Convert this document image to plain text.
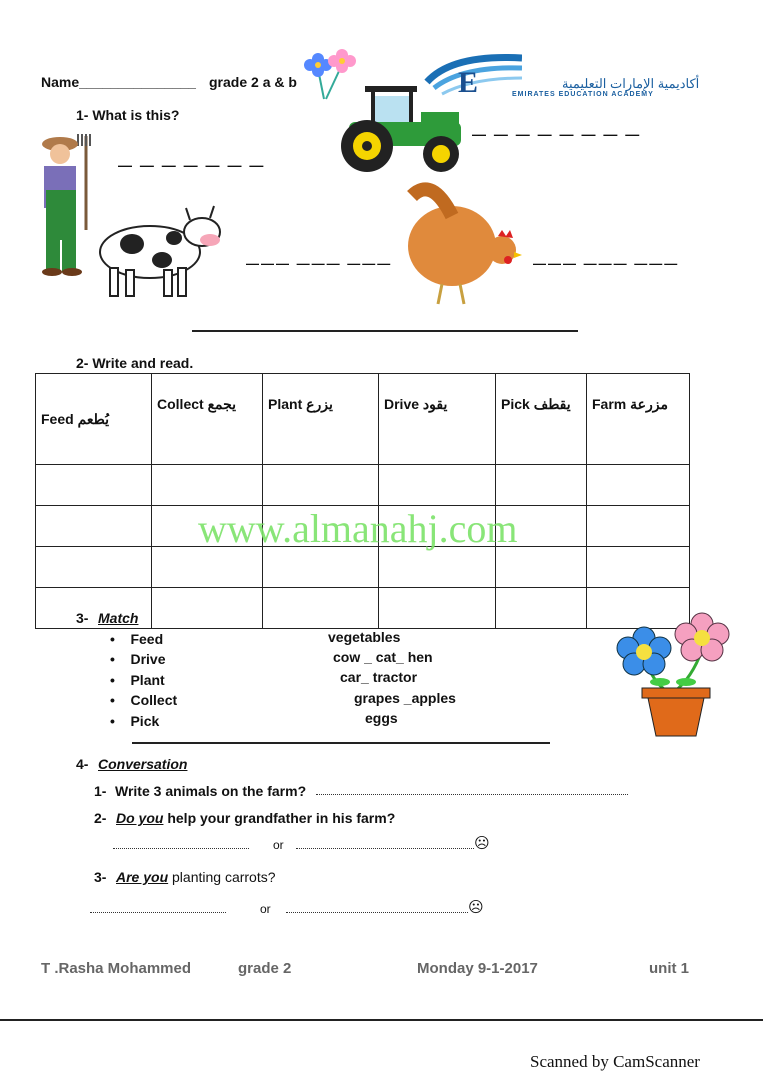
Name_______________ grade 2 a & b	E	أكاديمية الإمارات التعليمية
EMIRATES EDUCATION ACADEMY
1- What is this?
— — — — — — — —
— — — — — — —
——— ——— ———	——— ——— ———
2- Write and read.
Feed يُطعم	Collect يجمع	Plant يزرع	Drive يقود	Pick يقطف	Farm مزرعة

www.almanahj.com
3- Match
•    Feed
•    Drive
•    Plant
•    Collect
•    Pick
vegetables
cow _ cat_ hen
car_ tractor
grapes _apples
eggs
4- Conversation
1- Write 3 animals on the farm?
2- Do you help your grandfather in his farm?
or	☹
3- Are you planting carrots?
or	☹
T .Rasha Mohammed	grade 2	Monday 9-1-2017	unit 1
Scanned by CamScanner
